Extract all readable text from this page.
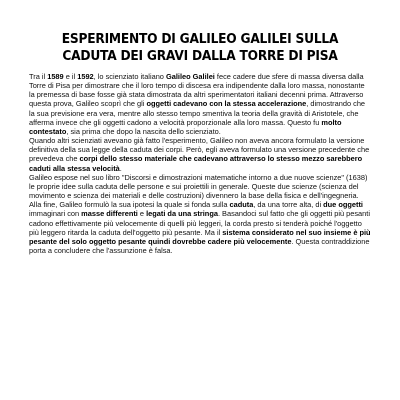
ESPERIMENTO DI GALILEO GALILEI SULLA
CADUTA DEI GRAVI DALLA TORRE DI PISA

Tra il 1589 e il 1592, lo scienziato italiano Galileo Galilei fece cadere due sfere di massa diversa dalla Torre di Pisa per dimostrare che il loro tempo di discesa era indipendente dalla loro massa, nonostante la premessa di base fosse già stata dimostrata da altri sperimentatori italiani decenni prima. Attraverso questa prova, Galileo scoprì che gli oggetti cadevano con la stessa accelerazione, dimostrando che la sua previsione era vera, mentre allo stesso tempo smentiva la teoria della gravità di Aristotele, che afferma invece che gli oggetti cadono a velocità proporzionale alla loro massa. Questo fu molto contestato, sia prima che dopo la nascita dello scienziato.

Quando altri scienziati avevano già fatto l'esperimento, Galileo non aveva ancora formulato la versione definitiva della sua legge della caduta dei corpi. Però, egli aveva formulato una versione precedente che prevedeva che corpi dello stesso materiale che cadevano attraverso lo stesso mezzo sarebbero caduti alla stessa velocità.

Galileo espose nel suo libro "Discorsi e dimostrazioni matematiche intorno a due nuove scienze" (1638) le proprie idee sulla caduta delle persone e sui proiettili in generale. Queste due scienze (scienza del movimento e scienza dei materiali e delle costruzioni) divennero la base della fisica e dell'ingegneria.

Alla fine, Galileo formulò la sua ipotesi la quale si fonda sulla caduta, da una torre alta, di due oggetti immaginari con masse differenti e legati da una stringa. Basandoci sul fatto che gli oggetti più pesanti cadono effettivamente più velocemente di quelli più leggeri, la corda presto si tenderà poiché l'oggetto più leggero ritarda la caduta dell'oggetto più pesante. Ma il sistema considerato nel suo insieme è più pesante del solo oggetto pesante quindi dovrebbe cadere più velocemente. Questa contraddizione porta a concludere che l'assunzione è falsa.
